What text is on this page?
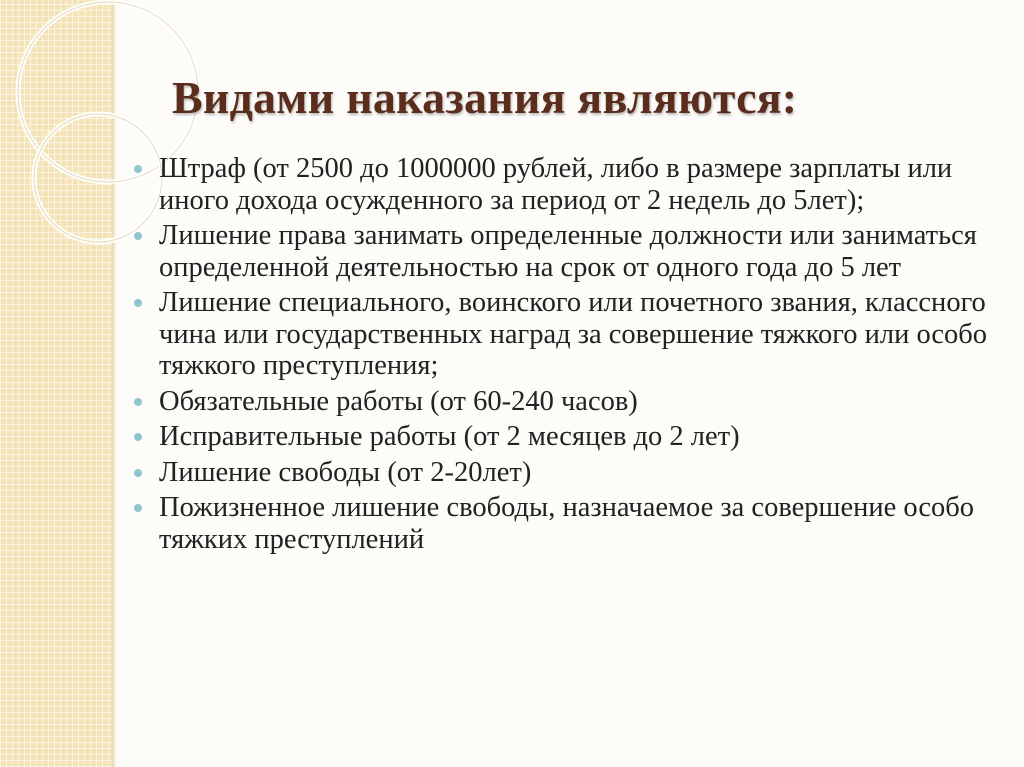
Видами наказания являются:
Штраф (от 2500 до 1000000 рублей, либо в размере зарплаты или иного дохода осужденного за период от 2 недель до 5лет);
Лишение права занимать определенные должности или заниматься определенной деятельностью на срок от одного года до 5 лет
Лишение специального, воинского или почетного звания, классного чина или государственных наград за совершение тяжкого или особо тяжкого преступления;
Обязательные работы (от 60-240 часов)
Исправительные работы (от 2 месяцев до 2 лет)
Лишение свободы (от 2-20лет)
Пожизненное лишение свободы, назначаемое за совершение особо тяжких преступлений
